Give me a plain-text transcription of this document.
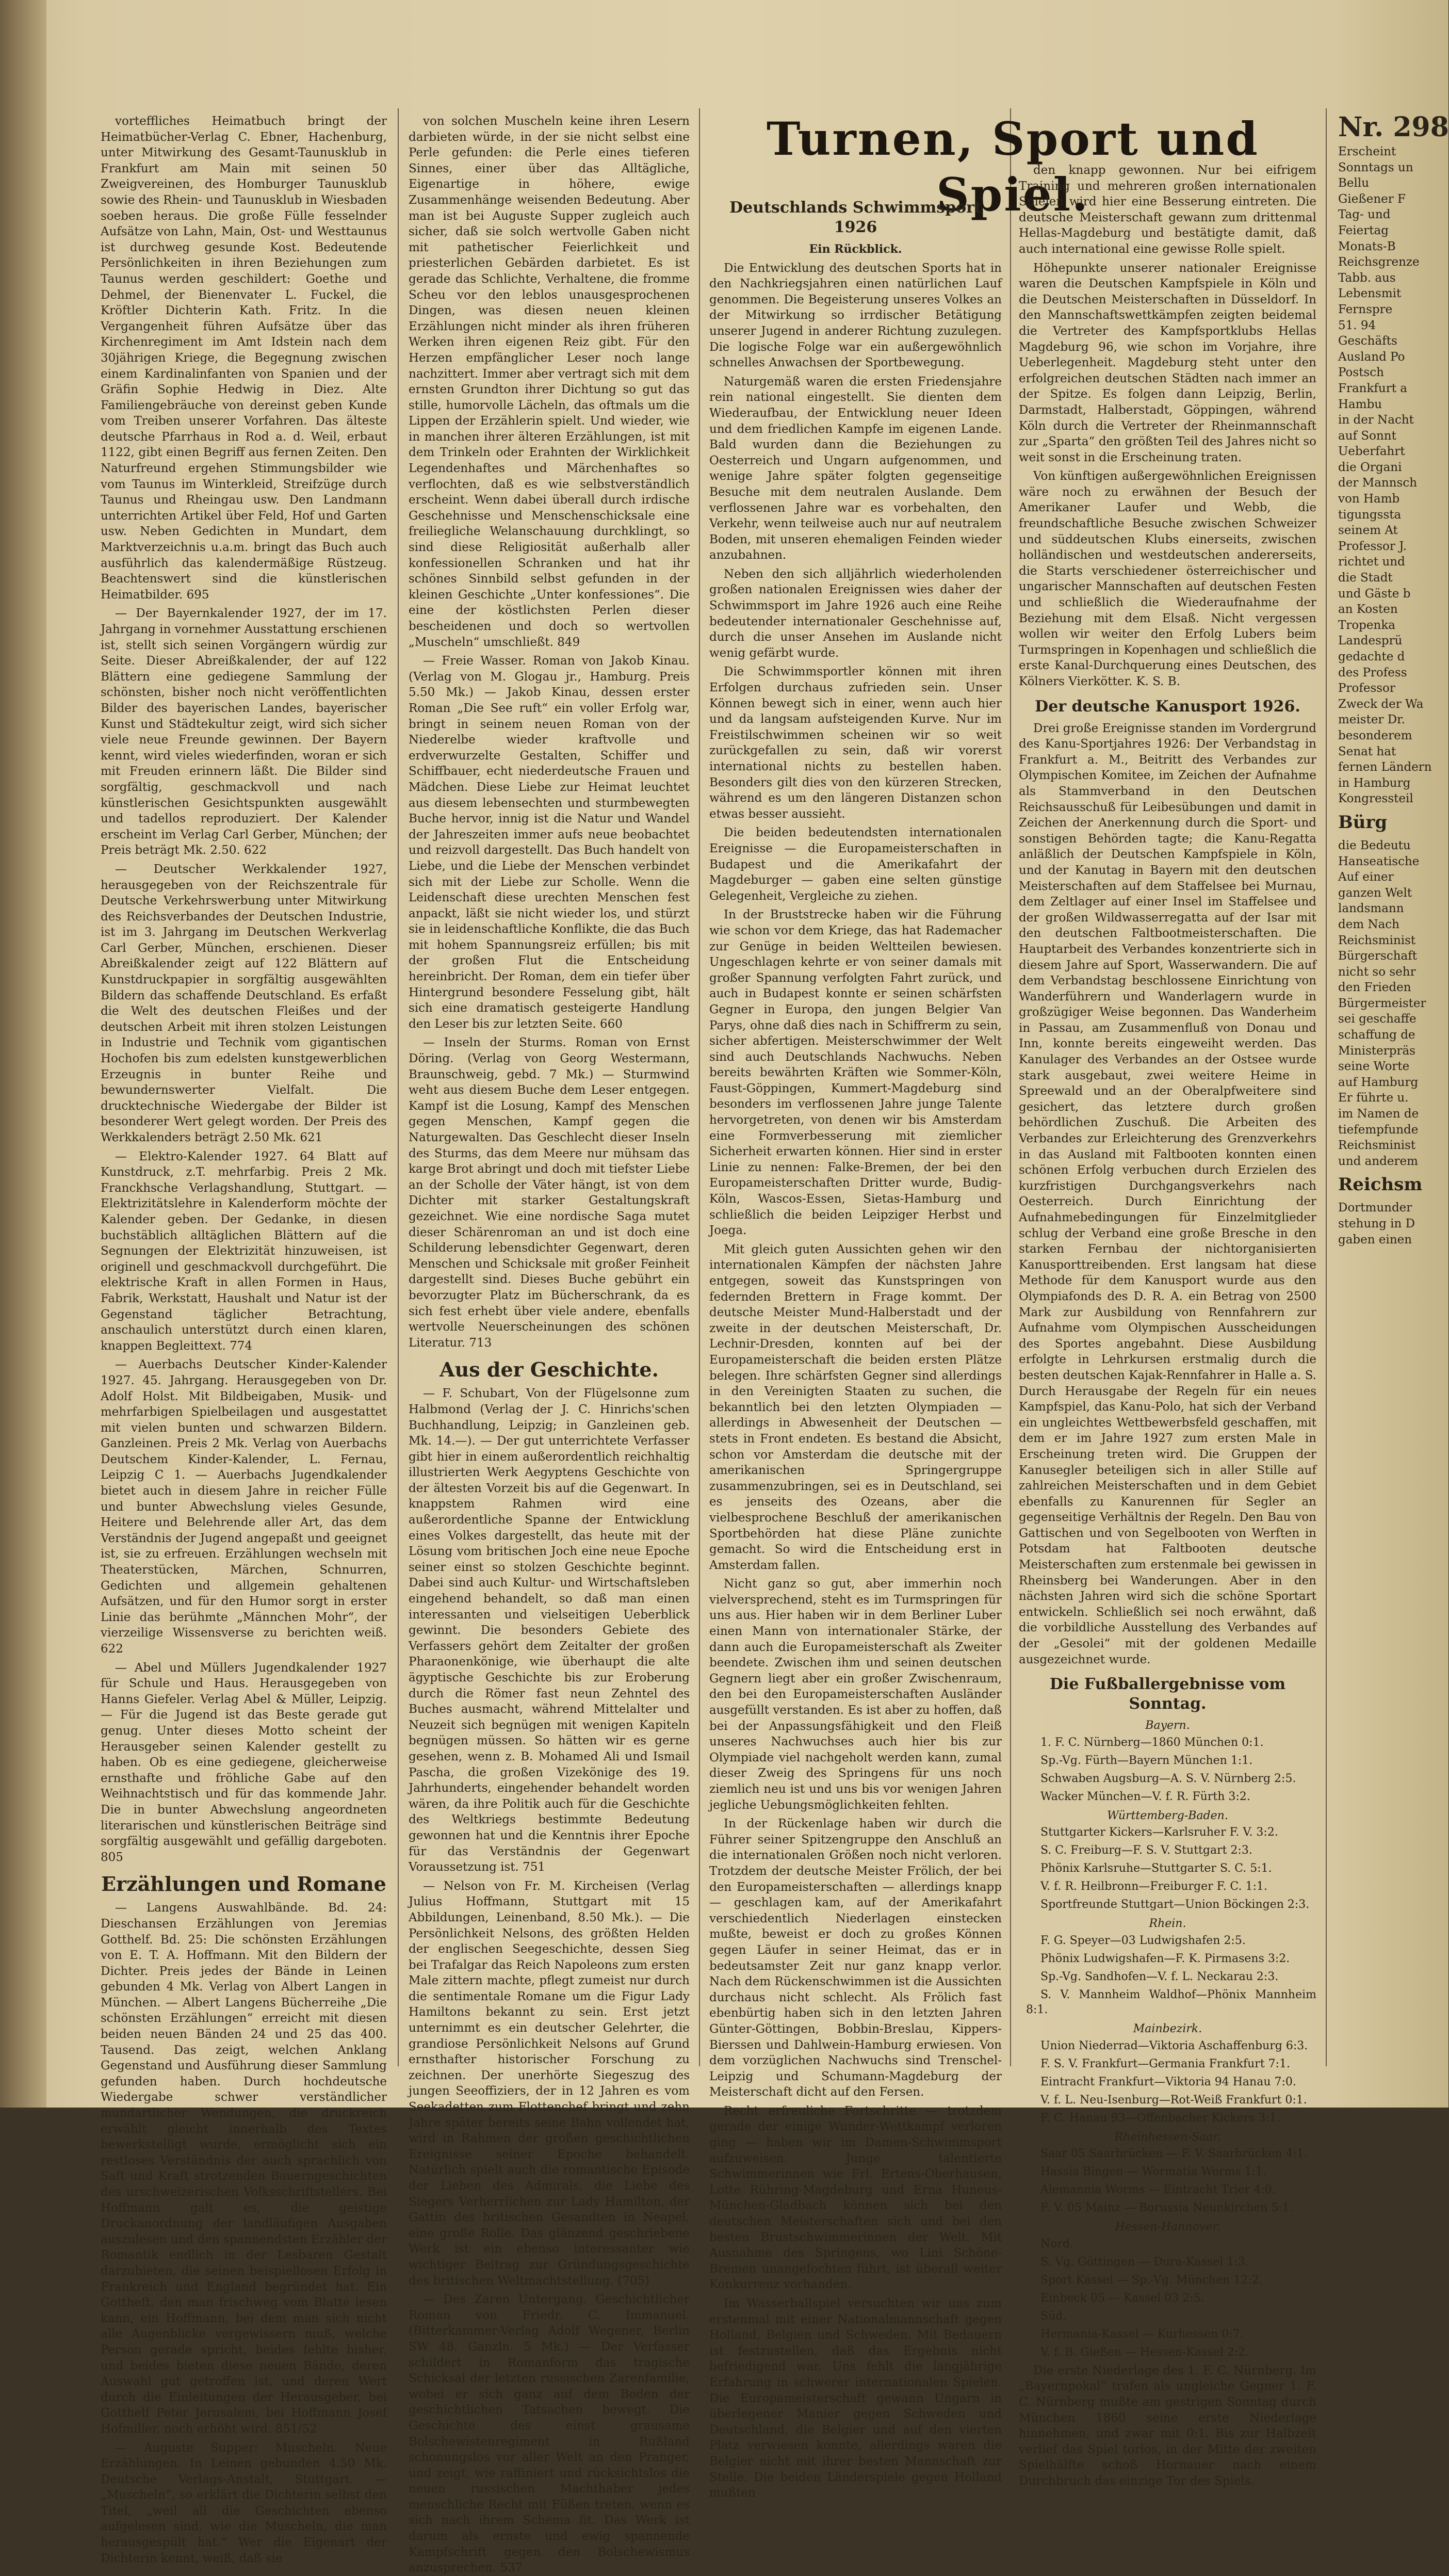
vorteffliches Heimatbuch bringt der Heimatbücher-Verlag C. Ebner, Hachenburg, unter Mitwirkung des Gesamt-Taunusklub in Frankfurt am Main mit seinen 50 Zweigvereinen, des Homburger Taunusklub sowie des Rhein- und Taunusklub in Wiesbaden soeben heraus. Die große Fülle fesselnder Aufsätze von Lahn, Main, Ost- und Westtaunus ist durchweg gesunde Kost. Bedeutende Persönlichkeiten in ihren Beziehungen zum Taunus werden geschildert: Goethe und Dehmel, der Bienenvater L. Fuckel, die Kröftler Dichterin Kath. Fritz. In die Vergangenheit führen Aufsätze über das Kirchenregiment im Amt Idstein nach dem 30jährigen Kriege, die Begegnung zwischen einem Kardinalinfanten von Spanien und der Gräfin Sophie Hedwig in Diez. Alte Familiengebräuche von dereinst geben Kunde vom Treiben unserer Vorfahren. Das älteste deutsche Pfarrhaus in Rod a. d. Weil, erbaut 1122, gibt einen Begriff aus fernen Zeiten. Den Naturfreund ergehen Stimmungsbilder wie vom Taunus im Winterkleid, Streifzüge durch Taunus und Rheingau usw. Den Landmann unterrichten Artikel über Feld, Hof und Garten usw. Neben Gedichten in Mundart, dem Marktverzeichnis u.a.m. bringt das Buch auch ausführlich das kalendermäßige Rüstzeug. Beachtenswert sind die künstlerischen Heimatbilder. 695

— Der Bayernkalender 1927, der im 17. Jahrgang in vornehmer Ausstattung erschienen ist, stellt sich seinen Vorgängern würdig zur Seite. Dieser Abreißkalender, der auf 122 Blättern eine gediegene Sammlung der schönsten, bisher noch nicht veröffentlichten Bilder des bayerischen Landes, bayerischer Kunst und Städtekultur zeigt, wird sich sicher viele neue Freunde gewinnen. Der Bayern kennt, wird vieles wiederfinden, woran er sich mit Freuden erinnern läßt. Die Bilder sind sorgfältig, geschmackvoll und nach künstlerischen Gesichtspunkten ausgewählt und tadellos reproduziert. Der Kalender erscheint im Verlag Carl Gerber, München; der Preis beträgt Mk. 2.50. 622

— Deutscher Werkkalender 1927, herausgegeben von der Reichszentrale für Deutsche Verkehrswerbung unter Mitwirkung des Reichsverbandes der Deutschen Industrie, ist im 3. Jahrgang im Deutschen Werkverlag Carl Gerber, München, erschienen. Dieser Abreißkalender zeigt auf 122 Blättern auf Kunstdruckpapier in sorgfältig ausgewählten Bildern das schaffende Deutschland. Es erfaßt die Welt des deutschen Fleißes und der deutschen Arbeit mit ihren stolzen Leistungen in Industrie und Technik vom gigantischen Hochofen bis zum edelsten kunstgewerblichen Erzeugnis in bunter Reihe und bewundernswerter Vielfalt. Die drucktechnische Wiedergabe der Bilder ist besonderer Wert gelegt worden. Der Preis des Werkkalenders beträgt 2.50 Mk. 621

— Elektro-Kalender 1927. 64 Blatt auf Kunstdruck, z.T. mehrfarbig. Preis 2 Mk. Franckhsche Verlagshandlung, Stuttgart. — Elektrizitätslehre in Kalenderform möchte der Kalender geben. Der Gedanke, in diesen buchstäblich alltäglichen Blättern auf die Segnungen der Elektrizität hinzuweisen, ist originell und geschmackvoll durchgeführt. Die elektrische Kraft in allen Formen in Haus, Fabrik, Werkstatt, Haushalt und Natur ist der Gegenstand täglicher Betrachtung, anschaulich unterstützt durch einen klaren, knappen Begleittext. 774

— Auerbachs Deutscher Kinder-Kalender 1927. 45. Jahrgang. Herausgegeben von Dr. Adolf Holst. Mit Bildbeigaben, Musik- und mehrfarbigen Spielbeilagen und ausgestattet mit vielen bunten und schwarzen Bildern. Ganzleinen. Preis 2 Mk. Verlag von Auerbachs Deutschem Kinder-Kalender, L. Fernau, Leipzig C 1. — Auerbachs Jugendkalender bietet auch in diesem Jahre in reicher Fülle und bunter Abwechslung vieles Gesunde, Heitere und Belehrende aller Art, das dem Verständnis der Jugend angepaßt und geeignet ist, sie zu erfreuen. Erzählungen wechseln mit Theaterstücken, Märchen, Schnurren, Gedichten und allgemein gehaltenen Aufsätzen, und für den Humor sorgt in erster Linie das berühmte „Männchen Mohr“, der vierzeilige Wissensverse zu berichten weiß. 622

— Abel und Müllers Jugendkalender 1927 für Schule und Haus. Herausgegeben von Hanns Giefeler. Verlag Abel & Müller, Leipzig. — Für die Jugend ist das Beste gerade gut genug. Unter dieses Motto scheint der Herausgeber seinen Kalender gestellt zu haben. Ob es eine gediegene, gleicherweise ernsthafte und fröhliche Gabe auf den Weihnachtstisch und für das kommende Jahr. Die in bunter Abwechslung angeordneten literarischen und künstlerischen Beiträge sind sorgfältig ausgewählt und gefällig dargeboten. 805

Erzählungen und Romane

— Langens Auswahlbände. Bd. 24: Dieschansen Erzählungen von Jeremias Gotthelf. Bd. 25: Die schönsten Erzählungen von E. T. A. Hoffmann. Mit den Bildern der Dichter. Preis jedes der Bände in Leinen gebunden 4 Mk. Verlag von Albert Langen in München. — Albert Langens Bücherreihe „Die schönsten Erzählungen“ erreicht mit diesen beiden neuen Bänden 24 und 25 das 400. Tausend. Das zeigt, welchen Anklang Gegenstand und Ausführung dieser Sammlung gefunden haben. Durch hochdeutsche Wiedergabe schwer verständlicher mundartlicher Wendungen, die druckreich erwählt gleicht innerhalb des Textes bewerkstelligt wurde, ermöglicht sich ein restloses Verständnis der auch sprachlich von Saft und Kraft strotzenden Bauerngeschichten des urschweizerischen Volksschriftstellers. Bei Hoffmann galt es, die geistige Druckanordnung der landläufigen Ausgaben auszulesen und den spannendsten Erzähler der Romantik endlich in der Lesbaren Gestalt darzubieten, die seinen beispiellosen Erfolg in Frankreich und England begründet hat. Ein Gottheft, den man frischweg vom Blatte lesen kann, ein Hoffmann, bei dem man sich nicht alle Augenblicke vergewissern muß, welche Person gerade spricht, beides fehlte bisher, und beides bieten diese neuen Bände, deren Auswahl gut getroffen ist, und deren Wert durch die Einleitungen der Herausgeber, bei Gotthelf Peter Jerusalem, bei Hoffmann Josef Hofmiller, noch erhöht wird. 851/52

— Auguste Supper: Muscheln. Neue Erzählungen. In Leinen gebunden 4.50 Mk. Deutsche Verlags-Anstalt, Stuttgart. — „Muscheln“, so erklärt die Dichterin selbst den Titel, „weil all die Geschichten ebenso aufgelesen sind, wie die Muscheln, die man herausgespült hat.“ Wer die Eigenart der Dichterin kennt, weiß, daß sie

von solchen Muscheln keine ihren Lesern darbieten würde, in der sie nicht selbst eine Perle gefunden: die Perle eines tieferen Sinnes, einer über das Alltägliche, Eigenartige in höhere, ewige Zusammenhänge weisenden Bedeutung. Aber man ist bei Auguste Supper zugleich auch sicher, daß sie solch wertvolle Gaben nicht mit pathetischer Feierlichkeit und priesterlichen Gebärden darbietet. Es ist gerade das Schlichte, Verhaltene, die fromme Scheu vor den leblos unausgesprochenen Dingen, was diesen neuen kleinen Erzählungen nicht minder als ihren früheren Werken ihren eigenen Reiz gibt. Für den Herzen empfänglicher Leser noch lange nachzittert. Immer aber vertragt sich mit dem ernsten Grundton ihrer Dichtung so gut das stille, humorvolle Lächeln, das oftmals um die Lippen der Erzählerin spielt. Und wieder, wie in manchen ihrer älteren Erzählungen, ist mit dem Trinkeln oder Erahnten der Wirklichkeit Legendenhaftes und Märchenhaftes so verflochten, daß es wie selbstverständlich erscheint. Wenn dabei überall durch irdische Geschehnisse und Menschenschicksale eine freiliegliche Welanschauung durchklingt, so sind diese Religiosität außerhalb aller konfessionellen Schranken und hat ihr schönes Sinnbild selbst gefunden in der kleinen Geschichte „Unter konfessiones“. Die eine der köstlichsten Perlen dieser bescheidenen und doch so wertvollen „Muscheln“ umschließt. 849

— Freie Wasser. Roman von Jakob Kinau. (Verlag von M. Glogau jr., Hamburg. Preis 5.50 Mk.) — Jakob Kinau, dessen erster Roman „Die See ruft“ ein voller Erfolg war, bringt in seinem neuen Roman von der Niederelbe wieder kraftvolle und erdverwurzelte Gestalten, Schiffer und Schiffbauer, echt niederdeutsche Frauen und Mädchen. Diese Liebe zur Heimat leuchtet aus diesem lebensechten und sturmbewegten Buche hervor, innig ist die Natur und Wandel der Jahreszeiten immer aufs neue beobachtet und reizvoll dargestellt. Das Buch handelt von Liebe, und die Liebe der Menschen verbindet sich mit der Liebe zur Scholle. Wenn die Leidenschaft diese urechten Menschen fest anpackt, läßt sie nicht wieder los, und stürzt sie in leidenschaftliche Konflikte, die das Buch mit hohem Spannungsreiz erfüllen; bis mit der großen Flut die Entscheidung hereinbricht. Der Roman, dem ein tiefer über Hintergrund besondere Fesselung gibt, hält sich eine dramatisch gesteigerte Handlung den Leser bis zur letzten Seite. 660

— Inseln der Sturms. Roman von Ernst Döring. (Verlag von Georg Westermann, Braunschweig, gebd. 7 Mk.) — Sturmwind weht aus diesem Buche dem Leser entgegen. Kampf ist die Losung, Kampf des Menschen gegen Menschen, Kampf gegen die Naturgewalten. Das Geschlecht dieser Inseln des Sturms, das dem Meere nur mühsam das karge Brot abringt und doch mit tiefster Liebe an der Scholle der Väter hängt, ist von dem Dichter mit starker Gestaltungskraft gezeichnet. Wie eine nordische Saga mutet dieser Schärenroman an und ist doch eine Schilderung lebensdichter Gegenwart, deren Menschen und Schicksale mit großer Feinheit dargestellt sind. Dieses Buche gebührt ein bevorzugter Platz im Bücherschrank, da es sich fest erhebt über viele andere, ebenfalls wertvolle Neuerscheinungen des schönen Literatur. 713

Aus der Geschichte.

— F. Schubart, Von der Flügelsonne zum Halbmond (Verlag der J. C. Hinrichs'schen Buchhandlung, Leipzig; in Ganzleinen geb. Mk. 14.—). — Der gut unterrichtete Verfasser gibt hier in einem außerordentlich reichhaltig illustrierten Werk Aegyptens Geschichte von der ältesten Vorzeit bis auf die Gegenwart. In knappstem Rahmen wird eine außerordentliche Spanne der Entwicklung eines Volkes dargestellt, das heute mit der Lösung vom britischen Joch eine neue Epoche seiner einst so stolzen Geschichte beginnt. Dabei sind auch Kultur- und Wirtschaftsleben eingehend behandelt, so daß man einen interessanten und vielseitigen Ueberblick gewinnt. Die besonders Gebiete des Verfassers gehört dem Zeitalter der großen Pharaonenkönige, wie überhaupt die alte ägyptische Geschichte bis zur Eroberung durch die Römer fast neun Zehntel des Buches ausmacht, während Mittelalter und Neuzeit sich begnügen mit wenigen Kapiteln begnügen müssen. So hätten wir es gerne gesehen, wenn z. B. Mohamed Ali und Ismail Pascha, die großen Vizekönige des 19. Jahrhunderts, eingehender behandelt worden wären, da ihre Politik auch für die Geschichte des Weltkriegs bestimmte Bedeutung gewonnen hat und die Kenntnis ihrer Epoche für das Verständnis der Gegenwart Voraussetzung ist. 751

— Nelson von Fr. M. Kircheisen (Verlag Julius Hoffmann, Stuttgart mit 15 Abbildungen, Leinenband, 8.50 Mk.). — Die Persönlichkeit Nelsons, des größten Helden der englischen Seegeschichte, dessen Sieg bei Trafalgar das Reich Napoleons zum ersten Male zittern machte, pflegt zumeist nur durch die sentimentale Romane um die Figur Lady Hamiltons bekannt zu sein. Erst jetzt unternimmt es ein deutscher Gelehrter, die grandiose Persönlichkeit Nelsons auf Grund ernsthafter historischer Forschung zu zeichnen. Der unerhörte Siegeszug des jungen Seeoffiziers, der in 12 Jahren es vom Seekadetten zum Flottenchef bringt und zehn Jahre später bereits seine Bahn vollendet hat, wird in Rahmen der großen geschichtlichen Ereignisse seiner Epoche behandelt. Natürlich spielt auch die romantische Episode der Lieben des Admirals, die Liebe des Siegers Verherrlichen zur Lady Hamilton, der Gattin des britischen Gesandten in Neapel, eine große Rolle. Das glänzend geschriebene Werk ist ein ebenso interessanter wie wichtiger Beitrag zur Gründungsgeschichte des britischen Weltmachtstellung. (705)

— Des Zaren Untergang. Geschichtlicher Roman von Friedr. C. Immanuel. (Bitterkammer-Verlag Adolf Wegener, Berlin SW 48. Ganzln. 5 Mk.) — Der Verfasser schildert in Romanform das tragische Schicksal der letzten russischen Zarenfamilie, wobei er sich ganz auf dem Boden der geschichtlichen Tatsachen bewegt. Die Geschichte des einst grausame Bolschewistenregiment in Rußland schonungslos vor aller Welt an den Pranger, und zeigt, wie raffiniert und rücksichtslos die neuen russischen Machthaber jedes menschliche Recht mit Füßen treten, wenn es sich nach ihrem Schema fit. Das Werk ist darum als ernste und ewig spannende Kampfschrift gegen den Bolschewismus anzusprechen. 537

Turnen, Sport und Spiel.
Deutschlands Schwimmsport 1926
Ein Rückblick.

Die Entwicklung des deutschen Sports hat in den Nachkriegsjahren einen natürlichen Lauf genommen. Die Begeisterung unseres Volkes an der Mitwirkung so irrdischer Betätigung unserer Jugend in anderer Richtung zuzulegen. Die logische Folge war ein außergewöhnlich schnelles Anwachsen der Sportbewegung.

Naturgemäß waren die ersten Friedensjahre rein national eingestellt. Sie dienten dem Wiederaufbau, der Entwicklung neuer Ideen und dem friedlichen Kampfe im eigenen Lande. Bald wurden dann die Beziehungen zu Oesterreich und Ungarn aufgenommen, und wenige Jahre später folgten gegenseitige Besuche mit dem neutralen Auslande. Dem verflossenen Jahre war es vorbehalten, den Verkehr, wenn teilweise auch nur auf neutralem Boden, mit unseren ehemaligen Feinden wieder anzubahnen.

Neben den sich alljährlich wiederholenden großen nationalen Ereignissen wies daher der Schwimmsport im Jahre 1926 auch eine Reihe bedeutender internationaler Geschehnisse auf, durch die unser Ansehen im Auslande nicht wenig gefärbt wurde.

Die Schwimmsportler können mit ihren Erfolgen durchaus zufrieden sein. Unser Können bewegt sich in einer, wenn auch hier und da langsam aufsteigenden Kurve. Nur im Freistilschwimmen scheinen wir so weit zurückgefallen zu sein, daß wir vorerst international nichts zu bestellen haben. Besonders gilt dies von den kürzeren Strecken, während es um den längeren Distanzen schon etwas besser aussieht.

Die beiden bedeutendsten internationalen Ereignisse — die Europameisterschaften in Budapest und die Amerikafahrt der Magdeburger — gaben eine selten günstige Gelegenheit, Vergleiche zu ziehen.

In der Bruststrecke haben wir die Führung wie schon vor dem Kriege, das hat Rademacher zur Genüge in beiden Weltteilen bewiesen. Ungeschlagen kehrte er von seiner damals mit großer Spannung verfolgten Fahrt zurück, und auch in Budapest konnte er seinen schärfsten Gegner in Europa, den jungen Belgier Van Parys, ohne daß dies nach in Schiffrerm zu sein, sicher abfertigen. Meisterschwimmer der Welt sind auch Deutschlands Nachwuchs. Neben bereits bewährten Kräften wie Sommer-Köln, Faust-Göppingen, Kummert-Magdeburg sind besonders im verflossenen Jahre junge Talente hervorgetreten, von denen wir bis Amsterdam eine Formverbesserung mit ziemlicher Sicherheit erwarten können. Hier sind in erster Linie zu nennen: Falke-Bremen, der bei den Europameisterschaften Dritter wurde, Budig-Köln, Wascos-Essen, Sietas-Hamburg und schließlich die beiden Leipziger Herbst und Joega.

Mit gleich guten Aussichten gehen wir den internationalen Kämpfen der nächsten Jahre entgegen, soweit das Kunstspringen von federnden Brettern in Frage kommt. Der deutsche Meister Mund-Halberstadt und der zweite in der deutschen Meisterschaft, Dr. Lechnir-Dresden, konnten auf bei der Europameisterschaft die beiden ersten Plätze belegen. Ihre schärfsten Gegner sind allerdings in den Vereinigten Staaten zu suchen, die bekanntlich bei den letzten Olympiaden — allerdings in Abwesenheit der Deutschen — stets in Front endeten. Es bestand die Absicht, schon vor Amsterdam die deutsche mit der amerikanischen Springergruppe zusammenzubringen, sei es in Deutschland, sei es jenseits des Ozeans, aber die vielbesprochene Beschluß der amerikanischen Sportbehörden hat diese Pläne zunichte gemacht. So wird die Entscheidung erst in Amsterdam fallen.

Nicht ganz so gut, aber immerhin noch vielversprechend, steht es im Turmspringen für uns aus. Hier haben wir in dem Berliner Luber einen Mann von internationaler Stärke, der dann auch die Europameisterschaft als Zweiter beendete. Zwischen ihm und seinen deutschen Gegnern liegt aber ein großer Zwischenraum, den bei den Europameisterschaften Ausländer ausgefüllt verstanden. Es ist aber zu hoffen, daß bei der Anpassungsfähigkeit und den Fleiß unseres Nachwuchses auch hier bis zur Olympiade viel nachgeholt werden kann, zumal dieser Zweig des Springens für uns noch ziemlich neu ist und uns bis vor wenigen Jahren jegliche Uebungsmöglichkeiten fehlten.

In der Rückenlage haben wir durch die Führer seiner Spitzengruppe den Anschluß an die internationalen Größen noch nicht verloren. Trotzdem der deutsche Meister Frölich, der bei den Europameisterschaften — allerdings knapp — geschlagen kam, auf der Amerikafahrt verschiedentlich Niederlagen einstecken mußte, beweist er doch zu großes Können gegen Läufer in seiner Heimat, das er in bedeutsamster Zeit nur ganz knapp verlor. Nach dem Rückenschwimmen ist die Aussichten durchaus nicht schlecht. Als Frölich fast ebenbürtig haben sich in den letzten Jahren Günter-Göttingen, Bobbin-Breslau, Kippers-Bierssen und Dahlwein-Hamburg erwiesen. Von dem vorzüglichen Nachwuchs sind Trenschel-Leipzig und Schumann-Magdeburg der Meisterschaft dicht auf den Fersen.

Recht erfreuliche Fortschritte — trotzdem gerade der einige Wunder-Wettkampf verloren ging — haben wir im Damen-Schwimmsport aufzuweisen. Junge talentierte Schwimmerinnen wie Frl. Ertens-Oberhausen, Lotte Rühring-Magdeburg und Erna Huneus-München-Gladbach können sich bei den deutschen Meisterschaften sich und bei den besten Brustschwimmerinnen der Welt. Mit Ausnahme des Springens, wo Lini Schöne-Bremen unangefochten führt, ist überall weiter Konkurrenz vorhanden.

Im Wasserballspiel versuchten wir uns zum erstenmal mit einer Nationalmannschaft gegen Holland, Belgien und Schweden. Mit Bedauern ist festzustellen, daß das Ergebnis nicht befriedigend war. Uns fehlt die langjährige Erfahrung in schwerer internationalen Spielen. Die Europameisterschaft gewann Ungarn in überlegener Manier gegen Schweden und Deutschland, die Belgier und auf den vierten Platz verwiesen konnte, allerdings waren die Belgier nicht mit ihrer besten Mannschaft zur Stelle. Die beiden Länderspiele gegen Holland mußten

den knapp gewonnen. Nur bei eifrigem Training und mehreren großen internationalen Spielen wird hier eine Besserung eintreten. Die deutsche Meisterschaft gewann zum drittenmal Hellas-Magdeburg und bestätigte damit, daß auch international eine gewisse Rolle spielt.

Höhepunkte unserer nationaler Ereignisse waren die Deutschen Kampfspiele in Köln und die Deutschen Meisterschaften in Düsseldorf. In den Mannschaftswettkämpfen zeigten beidemal die Vertreter des Kampfsportklubs Hellas Magdeburg 96, wie schon im Vorjahre, ihre Ueberlegenheit. Magdeburg steht unter den erfolgreichen deutschen Städten nach immer an der Spitze. Es folgen dann Leipzig, Berlin, Darmstadt, Halberstadt, Göppingen, während Köln durch die Vertreter der Rheinmannschaft zur „Sparta“ den größten Teil des Jahres nicht so weit sonst in die Erscheinung traten.

Von künftigen außergewöhnlichen Ereignissen wäre noch zu erwähnen der Besuch der Amerikaner Laufer und Webb, die freundschaftliche Besuche zwischen Schweizer und süddeutschen Klubs einerseits, zwischen holländischen und westdeutschen andererseits, die Starts verschiedener österreichischer und ungarischer Mannschaften auf deutschen Festen und schließlich die Wiederaufnahme der Beziehung mit dem Elsaß. Nicht vergessen wollen wir weiter den Erfolg Lubers beim Turmspringen in Kopenhagen und schließlich die erste Kanal-Durchquerung eines Deutschen, des Kölners Vierkötter. K. S. B.

Der deutsche Kanusport 1926.

Drei große Ereignisse standen im Vordergrund des Kanu-Sportjahres 1926: Der Verbandstag in Frankfurt a. M., Beitritt des Verbandes zur Olympischen Komitee, im Zeichen der Aufnahme als Stammverband in den Deutschen Reichsausschuß für Leibesübungen und damit in Zeichen der Anerkennung durch die Sport- und sonstigen Behörden tagte; die Kanu-Regatta anläßlich der Deutschen Kampfspiele in Köln, und der Kanutag in Bayern mit den deutschen Meisterschaften auf dem Staffelsee bei Murnau, dem Zeltlager auf einer Insel im Staffelsee und der großen Wildwasserregatta auf der Isar mit den deutschen Faltbootmeisterschaften. Die Hauptarbeit des Verbandes konzentrierte sich in diesem Jahre auf Sport, Wasserwandern. Die auf dem Verbandstag beschlossene Einrichtung von Wanderführern und Wanderlagern wurde in großzügiger Weise begonnen. Das Wanderheim in Passau, am Zusammenfluß von Donau und Inn, konnte bereits eingeweiht werden. Das Kanulager des Verbandes an der Ostsee wurde stark ausgebaut, zwei weitere Heime in Spreewald und an der Oberalpfweitere sind gesichert, das letztere durch großen behördlichen Zuschuß. Die Arbeiten des Verbandes zur Erleichterung des Grenzverkehrs in das Ausland mit Faltbooten konnten einen schönen Erfolg verbuchen durch Erzielen des kurzfristigen Durchgangsverkehrs nach Oesterreich. Durch Einrichtung der Aufnahmebedingungen für Einzelmitglieder schlug der Verband eine große Bresche in den starken Fernbau der nichtorganisierten Kanusporttreibenden. Erst langsam hat diese Methode für dem Kanusport wurde aus den Olympiafonds des D. R. A. ein Betrag von 2500 Mark zur Ausbildung von Rennfahrern zur Aufnahme vom Olympischen Ausscheidungen des Sportes angebahnt. Diese Ausbildung erfolgte in Lehrkursen erstmalig durch die besten deutschen Kajak-Rennfahrer in Halle a. S. Durch Herausgabe der Regeln für ein neues Kampfspiel, das Kanu-Polo, hat sich der Verband ein ungleichtes Wettbewerbsfeld geschaffen, mit dem er im Jahre 1927 zum ersten Male in Erscheinung treten wird. Die Gruppen der Kanusegler beteiligen sich in aller Stille auf zahlreichen Meisterschaften und in dem Gebiet ebenfalls zu Kanurennen für Segler an gegenseitige Verhältnis der Regeln. Den Bau von Gattischen und von Segelbooten von Werften in Potsdam hat Faltbooten deutsche Meisterschaften zum erstenmale bei gewissen in Rheinsberg bei Wanderungen. Aber in den nächsten Jahren wird sich die schöne Sportart entwickeln. Schließlich sei noch erwähnt, daß die vorbildliche Ausstellung des Verbandes auf der „Gesolei“ mit der goldenen Medaille ausgezeichnet wurde.

Die Fußballergebnisse vom Sonntag.
Bayern.

1. F. C. Nürnberg—1860 München 0:1.

Sp.-Vg. Fürth—Bayern München 1:1.

Schwaben Augsburg—A. S. V. Nürnberg 2:5.

Wacker München—V. f. R. Fürth 3:2.

Württemberg-Baden.

Stuttgarter Kickers—Karlsruher F. V. 3:2.

S. C. Freiburg—F. S. V. Stuttgart 2:3.

Phönix Karlsruhe—Stuttgarter S. C. 5:1.

V. f. R. Heilbronn—Freiburger F. C. 1:1.

Sportfreunde Stuttgart—Union Böckingen 2:3.

Rhein.

F. G. Speyer—03 Ludwigshafen 2:5.

Phönix Ludwigshafen—F. K. Pirmasens 3:2.

Sp.-Vg. Sandhofen—V. f. L. Neckarau 2:3.

S. V. Mannheim Waldhof—Phönix Mannheim 8:1.

Mainbezirk.

Union Niederrad—Viktoria Aschaffenburg 6:3.

F. S. V. Frankfurt—Germania Frankfurt 7:1.

Eintracht Frankfurt—Viktoria 94 Hanau 7:0.

V. f. L. Neu-Isenburg—Rot-Weiß Frankfurt 0:1.

F. C. Hanau 93—Offenbacher Kickers 3:1.

Rheinhessen-Saar.

Saar 05 Saarbrücken — F. V. Saarbrücken 4:1.

Hassia Bingen — Wormatia Worms 1:1.

Alemannia Worms — Eintracht Trier 4:0.

F. V. 05 Mainz — Borussia Neunkirchen 5:1.

Hessen-Hannover.

Nord.

S. Vg. Göttingen — Dura-Kassel 1:3.

Sport Kassel — Sp.-Vg. München 12:2.

Einbeck 05 — Kassel 03 2:5.

Süd.

Hermania-Kassel — Kurhessen 0:7.

V. f. B. Gießen — Hessen-Kassel 2:2.

Die erste Niederlage des 1. F. C. Nürnberg. Im „Bayernpokal“ trafen als ungleiche Gegner 1. F. C. Nürnberg mußte am gestrigen Sonntag durch München 1860 seine erste Niederlage hinnehmen, und zwar mit 0:1. Bis zur Halbzeit verlief das Spiel torlos, in der Mitte der zweiten Spielhälfte schoß Hornauer nach einem Durchbruch das einzige Tor des Spiels.

Nr. 298

Erscheint

Sonntags un

Bellu

Gießener F

Tag- und

Feiertag

Monats-B

Reichsgrenze

Tabb. aus

Lebensmit

Fernspre

51. 94

Geschäfts

Ausland Po

Postsch

Frankfurt a

Hambu

in der Nacht

auf Sonnt

Ueberfahrt

die Organi

der Mannsch

von Hamb

tigungssta

seinem At

Professor J.

richtet und

die Stadt

und Gäste b

an Kosten

Tropenka

Landesprü

gedachte d

des Profess

Professor

Zweck der Wa

meister Dr.

besonderem

Senat hat

fernen Ländern

in Hamburg

Kongressteil

Bürg

die Bedeutu

Hanseatische

Auf einer

ganzen Welt

landsmann

dem Nach

Reichsminist

Bürgerschaft

nicht so sehr

den Frieden

Bürgermeister

sei geschaffe

schaffung de

Ministerpräs

seine Worte

auf Hamburg

Er führte u.

im Namen de

tiefempfunde

Reichsminist

und anderem

Reichsm

Dortmunder

stehung in D

gaben einen
